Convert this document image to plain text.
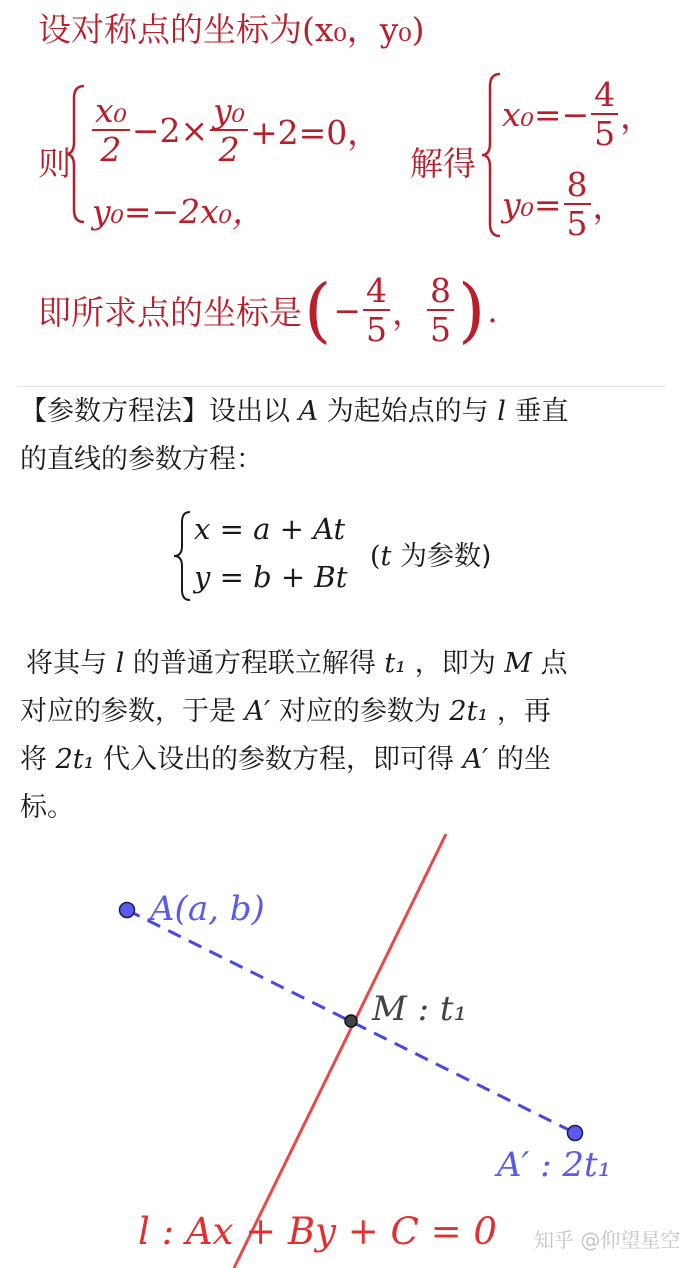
设对称点的坐标为(x₀，y₀)
则 $\frac{\text{x₀}}{2} -2\times \frac{\text{y₀}}{2} +2=0$，
y₀=−2x₀，
解得
$x_0=- \frac{4}{5}$ ，
$y_0= \frac{8}{5}$ ，
即所求点的坐标是 ( − $\frac{4}{5}$ ， $\frac{8}{5}$ ) .
【参数方程法】设出以 A 为起始点的与 l 垂直
的直线的参数方程：
x = a + At
y = b + Bt
(t 为参数)
将其与 l 的普通方程联立解得 t₁ ，即为 M 点
对应的参数，于是 A′ 对应的参数为 2t₁ ，再
将 2t₁ 代入设出的参数方程，即可得 A′ 的坐
标。
A(a, b)
M : t₁
A′ : 2t₁
l : Ax + By + C = 0 知乎 @仰望星空
